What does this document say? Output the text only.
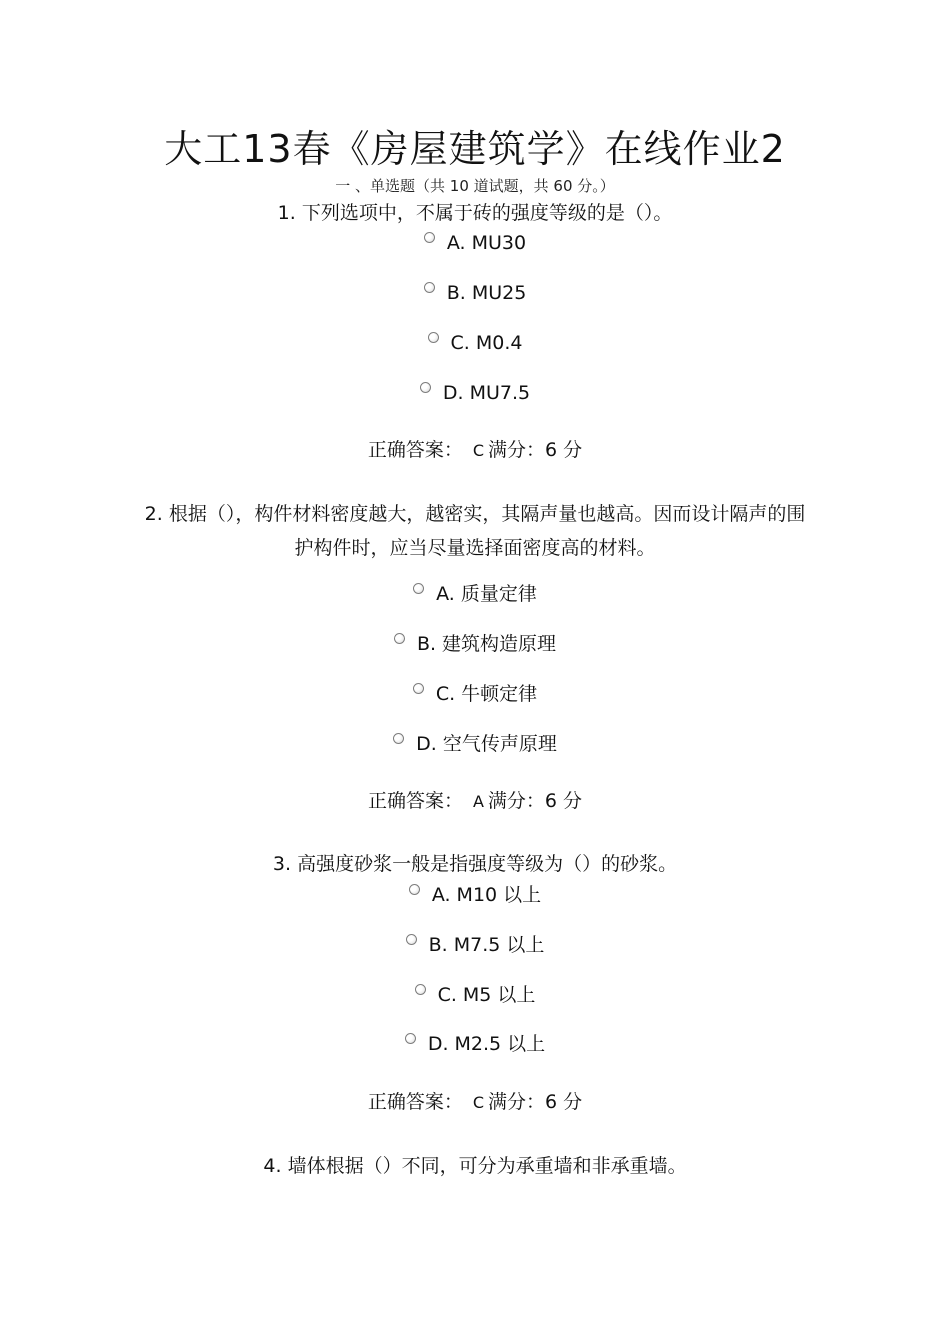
大工13春《房屋建筑学》在线作业2
一 、单选题（共 10 道试题，共 60 分。）
1. 下列选项中，不属于砖的强度等级的是（）。
A. MU30
B. MU25
C. M0.4
D. MU7.5
正确答案： C 满分：6 分
2. 根据（），构件材料密度越大，越密实，其隔声量也越高。因而设计隔声的围护构件时，应当尽量选择面密度高的材料。
A. 质量定律
B. 建筑构造原理
C. 牛顿定律
D. 空气传声原理
正确答案： A 满分：6 分
3. 高强度砂浆一般是指强度等级为（）的砂浆。
A. M10 以上
B. M7.5 以上
C. M5 以上
D. M2.5 以上
正确答案： C 满分：6 分
4. 墙体根据（）不同，可分为承重墙和非承重墙。
